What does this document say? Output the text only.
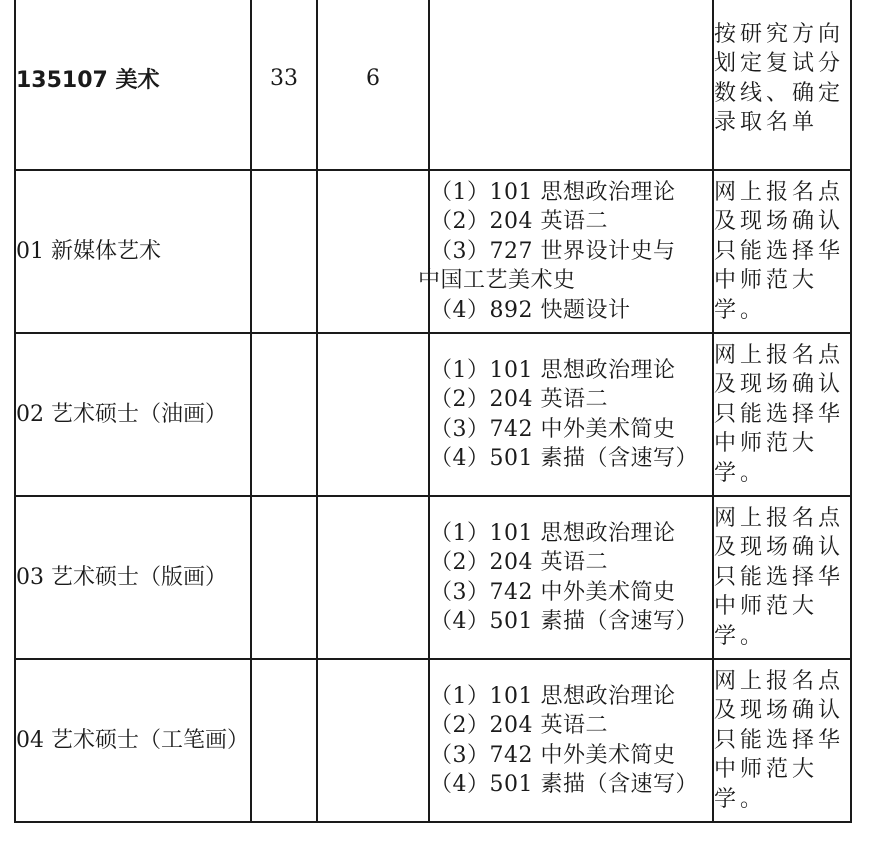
135107 美术	33	6		按研究方向划定复试分数线、确定录取名单
01 新媒体艺术			（1）101 思想政治理论
（2）204 英语二
（3）727 世界设计史与
中国工艺美术史
（4）892 快题设计	网上报名点及现场确认只能选择华中师范大学。
02 艺术硕士（油画）			（1）101 思想政治理论
（2）204 英语二
（3）742 中外美术简史
（4）501 素描（含速写）	网上报名点及现场确认只能选择华中师范大学。
03 艺术硕士（版画）			（1）101 思想政治理论
（2）204 英语二
（3）742 中外美术简史
（4）501 素描（含速写）	网上报名点及现场确认只能选择华中师范大学。
04 艺术硕士（工笔画）			（1）101 思想政治理论
（2）204 英语二
（3）742 中外美术简史
（4）501 素描（含速写）	网上报名点及现场确认只能选择华中师范大学。
